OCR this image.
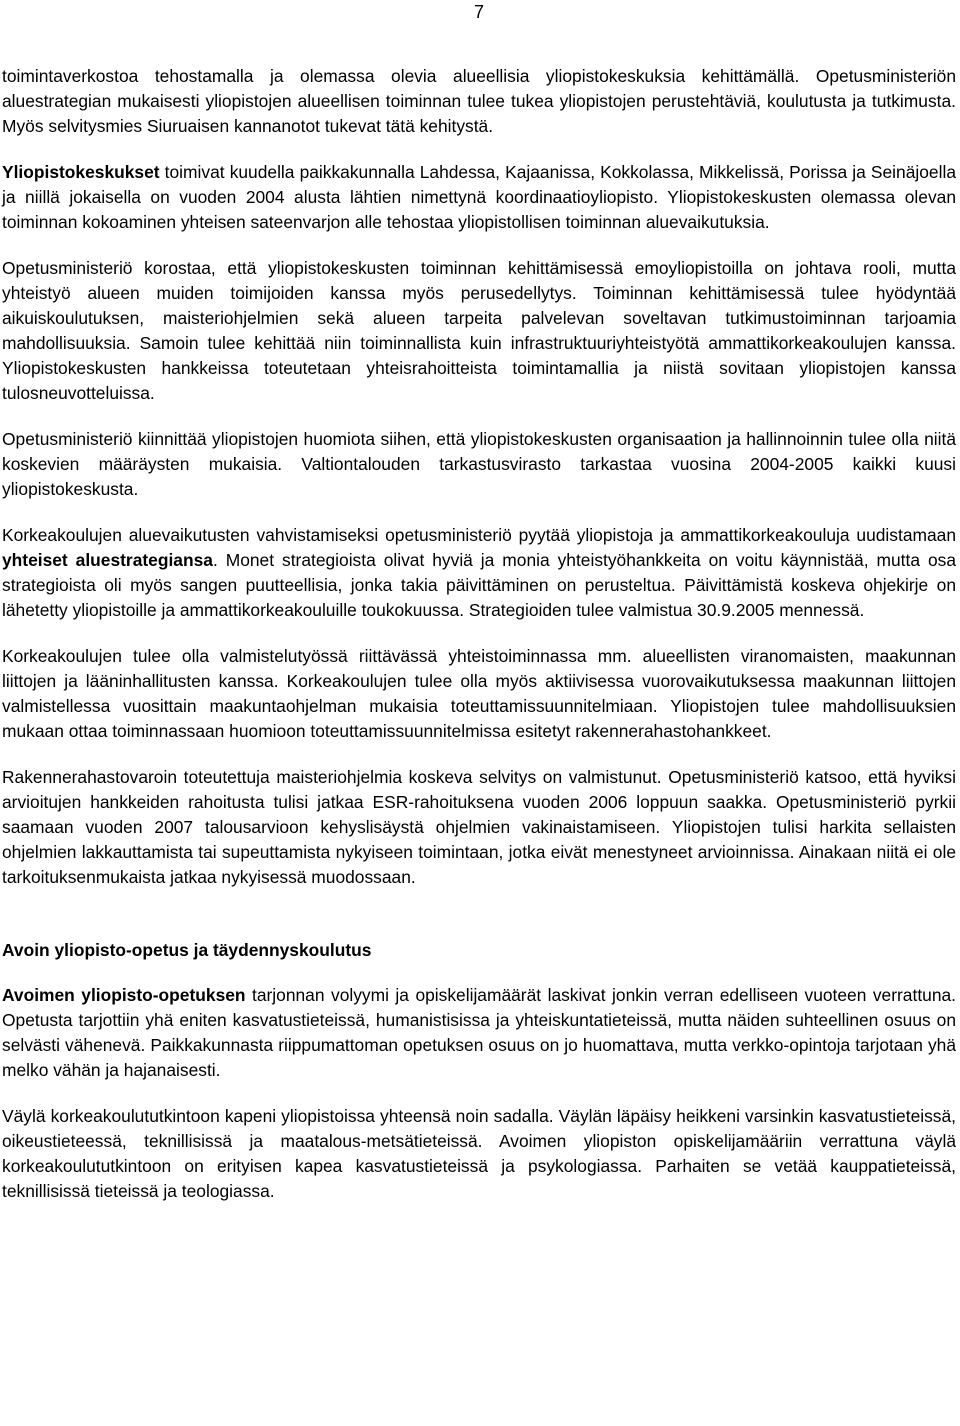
7

toimintaverkostoa tehostamalla ja olemassa olevia alueellisia yliopistokeskuksia kehittämällä. Opetusministeriön aluestrategian mukaisesti yliopistojen alueellisen toiminnan tulee tukea yliopistojen perustehtäviä, koulutusta ja tutkimusta. Myös selvitysmies Siuruaisen kannanotot tukevat tätä kehitystä.

Yliopistokeskukset toimivat kuudella paikkakunnalla Lahdessa, Kajaanissa, Kokkolassa, Mikkelissä, Porissa ja Seinäjoella ja niillä jokaisella on vuoden 2004 alusta lähtien nimettynä koordinaatioyliopisto. Yliopistokeskusten olemassa olevan toiminnan kokoaminen yhteisen sateenvarjon alle tehostaa yliopistollisen toiminnan aluevaikutuksia.

Opetusministeriö korostaa, että yliopistokeskusten toiminnan kehittämisessä emoyliopistoilla on johtava rooli, mutta yhteistyö alueen muiden toimijoiden kanssa myös perusedellytys. Toiminnan kehittämisessä tulee hyödyntää aikuiskoulutuksen, maisteriohjelmien sekä alueen tarpeita palvelevan soveltavan tutkimustoiminnan tarjoamia mahdollisuuksia. Samoin tulee kehittää niin toiminnallista kuin infrastruktuuriyhteistyötä ammattikorkeakoulujen kanssa. Yliopistokeskusten hankkeissa toteutetaan yhteisrahoitteista toimintamallia ja niistä sovitaan yliopistojen kanssa tulosneuvotteluissa.

Opetusministeriö kiinnittää yliopistojen huomiota siihen, että yliopistokeskusten organisaation ja hallinnoinnin tulee olla niitä koskevien määräysten mukaisia. Valtiontalouden tarkastusvirasto tarkastaa vuosina 2004-2005 kaikki kuusi yliopistokeskusta.

Korkeakoulujen aluevaikutusten vahvistamiseksi opetusministeriö pyytää yliopistoja ja ammattikorkeakouluja uudistamaan yhteiset aluestrategiansa. Monet strategioista olivat hyviä ja monia yhteistyöhankkeita on voitu käynnistää, mutta osa strategioista oli myös sangen puutteellisia, jonka takia päivittäminen on perusteltua. Päivittämistä koskeva ohjekirje on lähetetty yliopistoille ja ammattikorkeakouluille toukokuussa. Strategioiden tulee valmistua 30.9.2005 mennessä.

Korkeakoulujen tulee olla valmistelutyössä riittävässä yhteistoiminnassa mm. alueellisten viranomaisten, maakunnan liittojen ja lääninhallitusten kanssa. Korkeakoulujen tulee olla myös aktiivisessa vuorovaikutuksessa maakunnan liittojen valmistellessa vuosittain maakuntaohjelman mukaisia toteuttamissuunnitelmiaan. Yliopistojen tulee mahdollisuuksien mukaan ottaa toiminnassaan huomioon toteuttamissuunnitelmissa esitetyt rakennerahastohankkeet.

Rakennerahastovaroin toteutettuja maisteriohjelmia koskeva selvitys on valmistunut. Opetusministeriö katsoo, että hyviksi arvioitujen hankkeiden rahoitusta tulisi jatkaa ESR-rahoituksena vuoden 2006 loppuun saakka. Opetusministeriö pyrkii saamaan vuoden 2007 talousarvioon kehyslisäystä ohjelmien vakinaistamiseen. Yliopistojen tulisi harkita sellaisten ohjelmien lakkauttamista tai supeuttamista nykyiseen toimintaan, jotka eivät menestyneet arvioinnissa. Ainakaan niitä ei ole tarkoituksenmukaista jatkaa nykyisessä muodossaan.

Avoin yliopisto-opetus ja täydennyskoulutus

Avoimen yliopisto-opetuksen tarjonnan volyymi ja opiskelijamäärät laskivat jonkin verran edelliseen vuoteen verrattuna. Opetusta tarjottiin yhä eniten kasvatustieteissä, humanistisissa ja yhteiskuntatieteissä, mutta näiden suhteellinen osuus on selvästi vähenevä. Paikkakunnasta riippumattoman opetuksen osuus on jo huomattava, mutta verkko-opintoja tarjotaan yhä melko vähän ja hajanaisesti.

Väylä korkeakoulututkintoon kapeni yliopistoissa yhteensä noin sadalla. Väylän läpäisy heikkeni varsinkin kasvatustieteissä, oikeustieteessä, teknillisissä ja maatalous-metsätieteissä. Avoimen yliopiston opiskelijamääriin verrattuna väylä korkeakoulututkintoon on erityisen kapea kasvatustieteissä ja psykologiassa. Parhaiten se vetää kauppatieteissä, teknillisissä tieteissä ja teologiassa.
